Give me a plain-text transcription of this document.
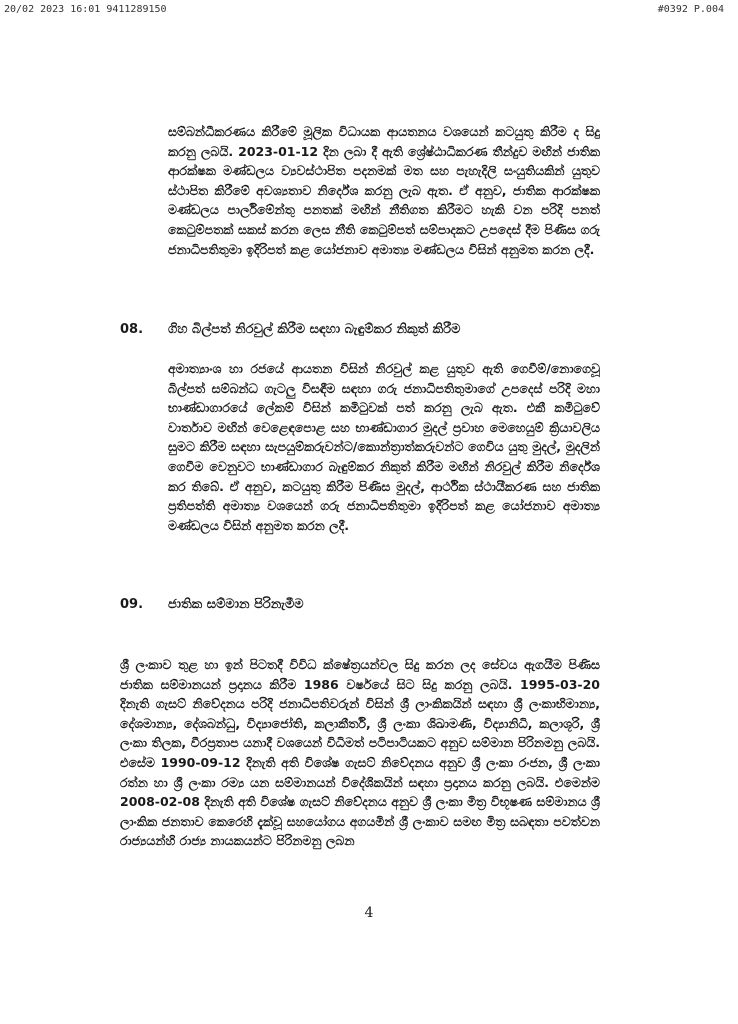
20/02 2023 16:01 9411289150	#0392 P.004

සම්බන්ධීකරණය කිරීමේ මූලික විධායක ආයතනය වශයෙන් කටයුතු කිරීම ද සිදු කරනු ලබයි. 2023-01-12 දින ලබා දී ඇති ශ්‍රේෂ්ඨාධිකරණ තීන්දුව මඟින් ජාතික ආරක්ෂක මණ්ඩලය ව්‍යවස්ථාපිත පදනමක් මත සහ පැහැදිලි සංයුතියකින් යුතුව ස්ථාපිත කිරීමේ අවශ්‍යතාව නිර්දේශ කරනු ලැබ ඇත. ඒ අනුව, ජාතික ආරක්ෂක මණ්ඩලය පාර්ලිමේන්තු පනතක් මඟින් නීතිගත කිරීමට හැකි වන පරිදි පනත් කෙටුම්පතක් සකස් කරන ලෙස නීති කෙටුම්පත් සම්පාදකට උපදෙස් දීම පිණිස ගරු ජනාධිපතිතුමා ඉදිරිපත් කළ යෝජනාව අමාත්‍ය මණ්ඩලය විසින් අනුමත කරන ලදී.

08.	ගිහ බිල්පත් නිරවුල් කිරීම සඳහා බැඳුම්කර නිකුත් කිරීම

අමාත්‍යාංශ හා රජයේ ආයතන විසින් නිරවුල් කළ යුතුව ඇති ගෙවීම්/නොගෙවූ බිල්පත් සම්බන්ධ ගැටලු විසඳීම සඳහා ගරු ජනාධිපතිතුමාගේ උපදෙස් පරිදි මහා භාණ්ඩාගාරයේ ලේකම් විසින් කමිටුවක් පත් කරනු ලැබ ඇත. එකී කමිටුවේ වාර්තාව මඟින් වෙළෙඳපොළ සහ භාණ්ඩාගාර මුදල් ප්‍රවාහ මෙහෙයුම් ක්‍රියාවලිය සුමට කිරීම සඳහා සැපයුම්කරුවන්ට/කොන්ත්‍රාත්කරුවන්ට ගෙවිය යුතු මුදල්, මුදලින් ගෙවීම වෙනුවට භාණ්ඩාගාර බැඳුම්කර නිකුත් කිරීම මඟින් නිරවුල් කිරීම නිර්දේශ කර තිබේ. ඒ අනුව, කටයුතු කිරීම පිණිස මුදල්, ආර්ථික ස්ථායීකරණ සහ ජාතික ප්‍රතිපත්ති අමාත්‍ය වශයෙන් ගරු ජනාධිපතිතුමා ඉදිරිපත් කළ යෝජනාව අමාත්‍ය මණ්ඩලය විසින් අනුමත කරන ලදී.

09.	ජාතික සම්මාන පිරිනැමීම

ශ්‍රී ලංකාව තුළ හා ඉන් පිටතදී විවිධ ක්ෂේත්‍රයන්වල සිදු කරන ලද සේවය ඇගයීම පිණිස ජාතික සම්මානයන් ප්‍රදානය කිරීම 1986 වර්ෂයේ සිට සිදු කරනු ලබයි. 1995-03-20 දිනැති ගැසට් නිවේදනය පරිදි ජනාධිපතිවරුන් විසින් ශ්‍රී ලාංකිකයින් සඳහා ශ්‍රී ලංකාභිමාන්‍ය, දේශමාන්‍ය, දේශබන්ධු, විද්‍යාජෝති, කලාකීර්ති, ශ්‍රී ලංකා ශිඛාමණි, විද්‍යානිධි, කලාශූරි, ශ්‍රී ලංකා තිලක, වීරප්‍රතාප යනාදී වශයෙන් විධිමත් පටිපාටියකට අනුව සම්මාන පිරිනමනු ලබයි. එසේම 1990-09-12 දිනැති අති විශේෂ ගැසට් නිවේදනය අනුව ශ්‍රී ලංකා රංජන, ශ්‍රී ලංකා රත්න හා ශ්‍රී ලංකා රම්‍ය යන සම්මානයන් විදේශිකයින් සඳහා ප්‍රදානය කරනු ලබයි. එමෙන්ම 2008-02-08 දිනැති අති විශේෂ ගැසට් නිවේදනය අනුව ශ්‍රී ලංකා මිත්‍ර විභූෂණ සම්මානය ශ්‍රී ලාංකික ජනතාව කෙරෙහි දැක්වූ සහයෝගය අගයමින් ශ්‍රී ලංකාව සමඟ මිත්‍ර සබඳතා පවත්වන රාජ්‍යයන්හි රාජ්‍ය නායකයන්ට පිරිනමනු ලබන

4
